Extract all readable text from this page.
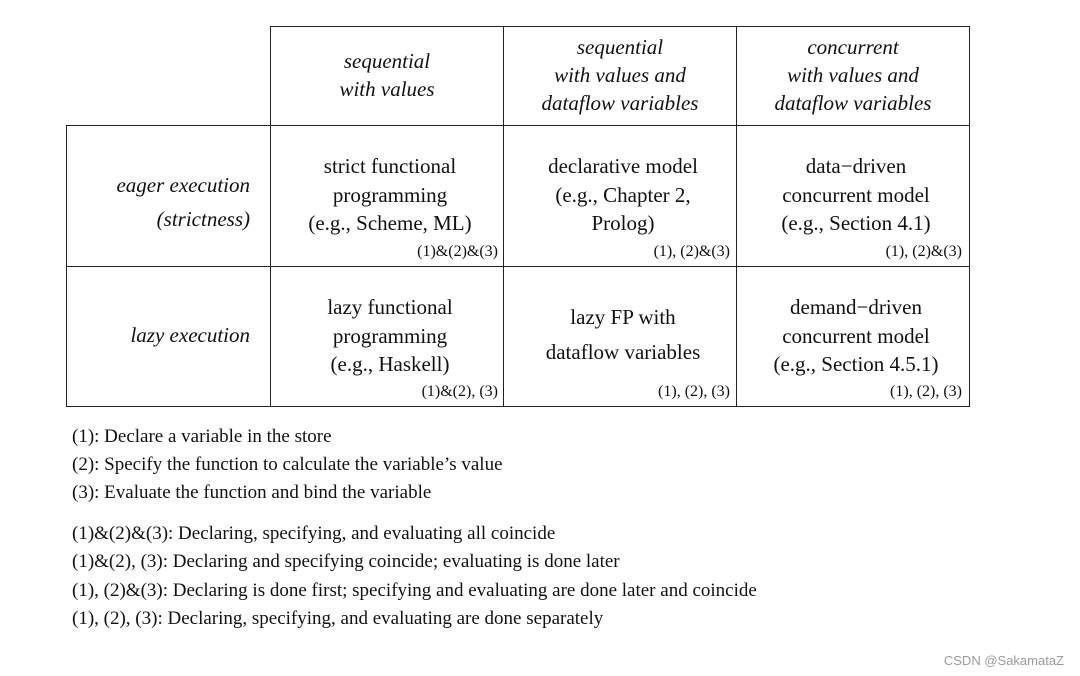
sequential
with values
sequential
with values and
dataflow variables
concurrent
with values and
dataflow variables
eager execution
(strictness)
lazy execution
strict functional
programming
(e.g., Scheme, ML)
(1)&(2)&(3)
declarative model
(e.g., Chapter 2,
Prolog)
(1), (2)&(3)
data−driven
concurrent model
(e.g., Section 4.1)
(1), (2)&(3)
lazy functional
programming
(e.g., Haskell)
(1)&(2), (3)
lazy FP with
dataflow variables
(1), (2), (3)
demand−driven
concurrent model
(e.g., Section 4.5.1)
(1), (2), (3)
(1): Declare a variable in the store
(2): Specify the function to calculate the variable’s value
(3): Evaluate the function and bind the variable
(1)&(2)&(3): Declaring, specifying, and evaluating all coincide
(1)&(2), (3): Declaring and specifying coincide; evaluating is done later
(1), (2)&(3): Declaring is done first; specifying and evaluating are done later and coincide
(1), (2), (3): Declaring, specifying, and evaluating are done separately
CSDN @SakamataZ
